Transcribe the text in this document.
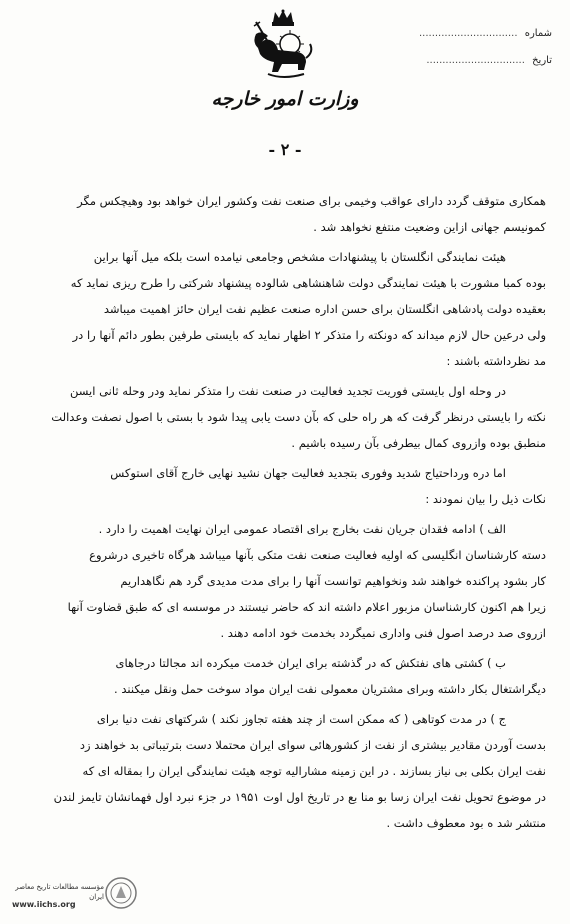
شماره ...............................
تاریخ ...............................
وزارت امور خارجه
- ۲ -
همکاری متوقف گردد دارای عواقب وخیمی برای صنعت نفت وکشور ایران خواهد بود وهیچکس مگر
کمونیسم جهانی ازاین وضعیت منتفع نخواهد شد .
هیئت نمایندگی انگلستان با پیشنهادات مشخص وجامعی نیامده است بلکه میل آنها براین
بوده کمبا مشورت با هیئت نمایندگی دولت شاهنشاهی شالوده پیشنهاد شرکتی را طرح ریزی نماید که
بعقیده دولت پادشاهی انگلستان برای حسن اداره صنعت عظیم نفت ایران حائز اهمیت میباشد
ولی درعین حال لازم میداند که دونکته را متذکر ۲ اظهار نماید که بایستی طرفین بطور دائم آنها را در
مد نظرداشته باشند :
در وحله اول بایستی فوریت تجدید فعالیت در صنعت نفت را متذکر نماید ودر وحله ثانی ایسن
نکته را بایستی درنظر گرفت که هر راه حلی که بآن دست یابی پیدا شود با بستی با اصول نصفت وعدالت
منطبق بوده وازروی کمال بیطرفی بآن رسیده باشیم .
اما دره ورداحتیاج شدید وفوری بتجدید فعالیت جهان نشید نهایی خارج آقای استوکس
نکات ذیل را بیان نمودند :
الف ) ادامه فقدان جریان نفت بخارج برای اقتصاد عمومی ایران نهایت اهمیت را دارد .
دسته کارشناسان انگلیسی که اولیه فعالیت صنعت نفت متکی بآنها میباشد هرگاه تاخیری درشروع
کار بشود پراکنده خواهند شد ونخواهیم توانست آنها را برای مدت مدیدی گرد هم نگاهداریم
زیرا هم اکنون کارشناسان مزبور اعلام داشته اند که حاضر نیستند در موسسه ای که طبق قضاوت آنها
ازروی صد درصد اصول فنی واداری نمیگردد بخدمت خود ادامه دهند .
ب ) کشتی های نفتکش که در گذشته برای ایران خدمت میکرده اند مجالتا درجاهای
دیگراشتغال بکار داشته وبرای مشتریان معمولی نفت ایران مواد سوخت حمل ونقل میکنند .
ج ) در مدت کوتاهی ( که ممکن است از چند هفته تجاوز نکند ) شرکتهای نفت دنیا برای
بدست آوردن مقادیر بیشتری از نفت از کشورهائی سوای ایران محتملا دست بترتیباتی بد خواهند زد
نفت ایران بکلی بی نیاز بسازند . در این زمینه مشارالیه توجه هیئت نمایندگی ایران را بمقاله ای که
در موضوع تحویل نفت ایران زسا بو منا بع در تاریخ اول اوت ۱۹۵۱ در جزء نبرد اول فهمانشان تایمز لندن
منتشر شد ه بود معطوف داشت .
مؤسسه مطالعات تاریخ معاصر ایران
www.iichs.org
